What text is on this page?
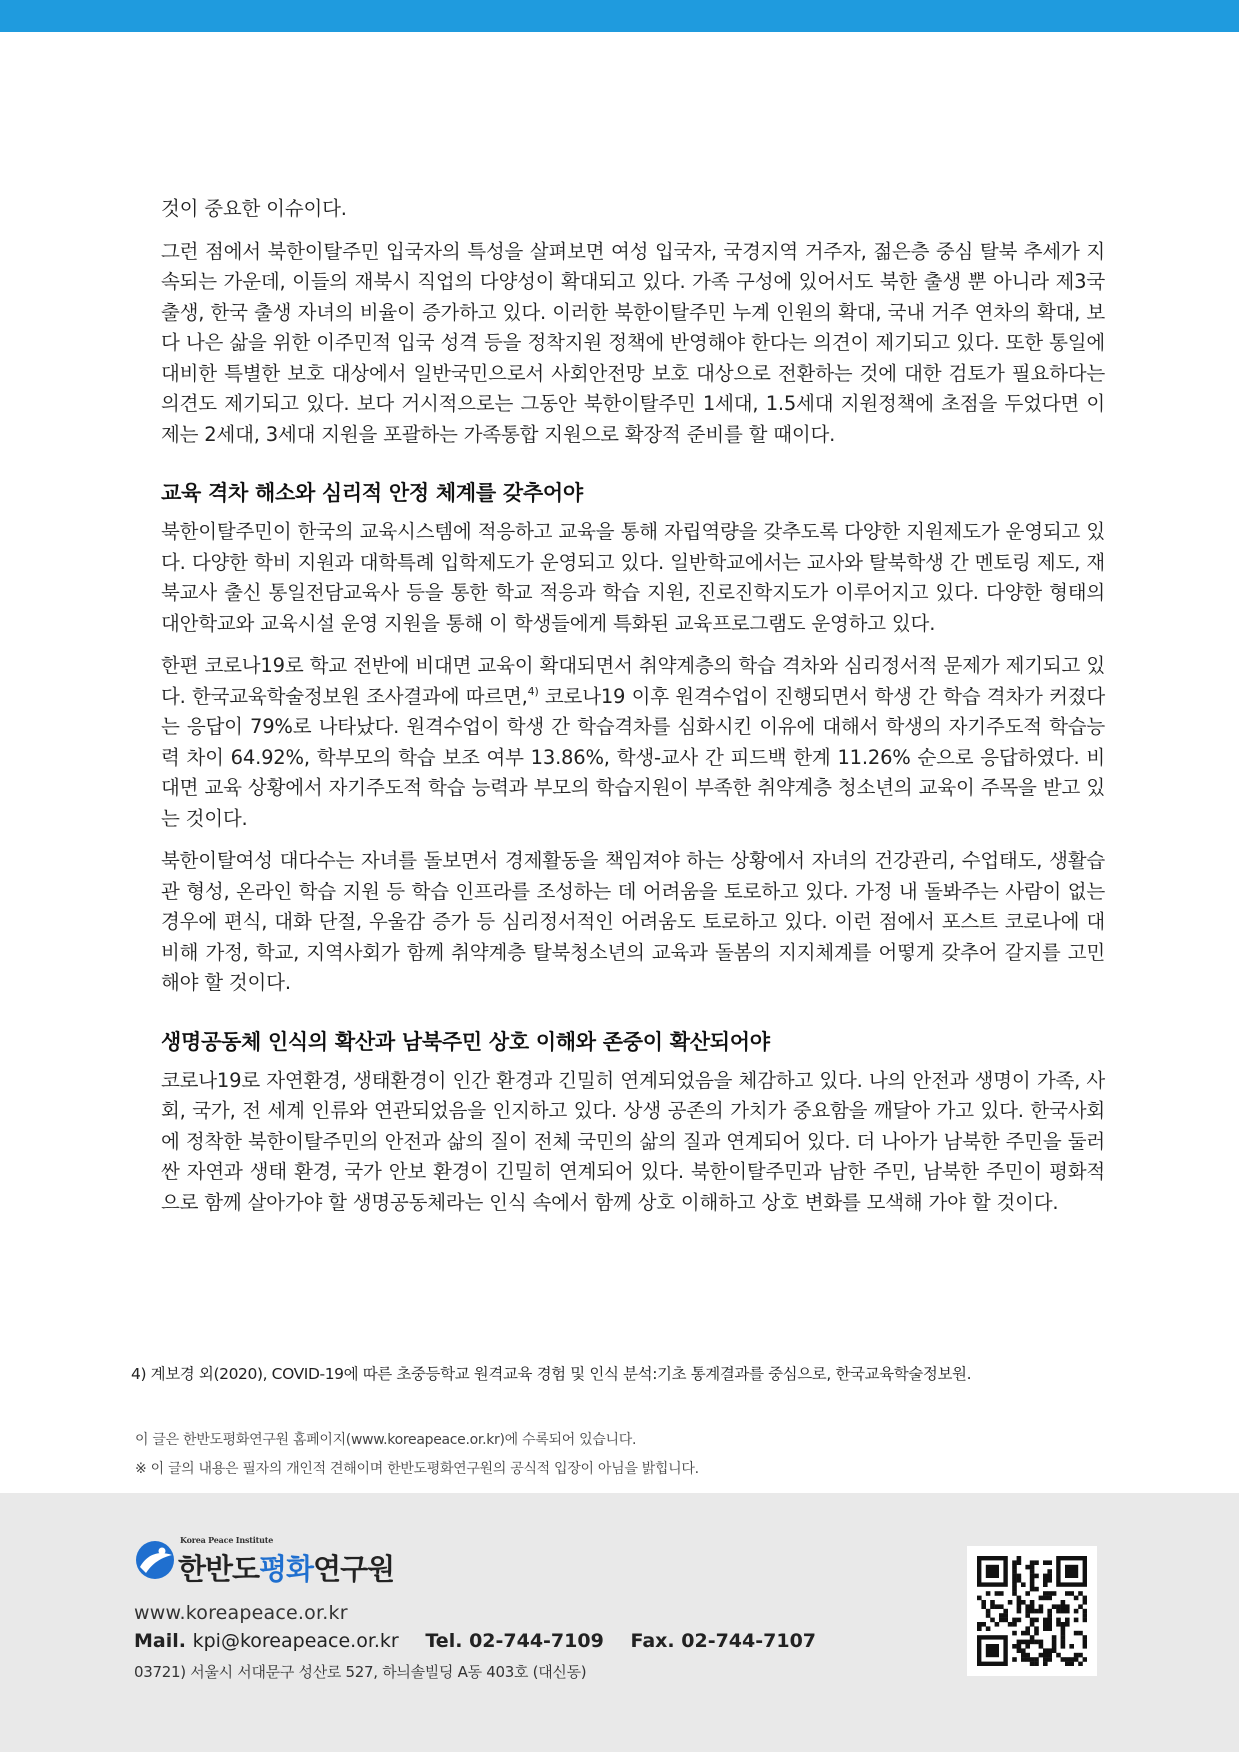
것이 중요한 이슈이다.

그런 점에서 북한이탈주민 입국자의 특성을 살펴보면 여성 입국자, 국경지역 거주자, 젊은층 중심 탈북 추세가 지속되는 가운데, 이들의 재북시 직업의 다양성이 확대되고 있다. 가족 구성에 있어서도 북한 출생 뿐 아니라 제3국 출생, 한국 출생 자녀의 비율이 증가하고 있다. 이러한 북한이탈주민 누계 인원의 확대, 국내 거주 연차의 확대, 보다 나은 삶을 위한 이주민적 입국 성격 등을 정착지원 정책에 반영해야 한다는 의견이 제기되고 있다. 또한 통일에 대비한 특별한 보호 대상에서 일반국민으로서 사회안전망 보호 대상으로 전환하는 것에 대한 검토가 필요하다는 의견도 제기되고 있다. 보다 거시적으로는 그동안 북한이탈주민 1세대, 1.5세대 지원정책에 초점을 두었다면 이제는 2세대, 3세대 지원을 포괄하는 가족통합 지원으로 확장적 준비를 할 때이다.

교육 격차 해소와 심리적 안정 체계를 갖추어야

북한이탈주민이 한국의 교육시스템에 적응하고 교육을 통해 자립역량을 갖추도록 다양한 지원제도가 운영되고 있다. 다양한 학비 지원과 대학특례 입학제도가 운영되고 있다. 일반학교에서는 교사와 탈북학생 간 멘토링 제도, 재북교사 출신 통일전담교육사 등을 통한 학교 적응과 학습 지원, 진로진학지도가 이루어지고 있다. 다양한 형태의 대안학교와 교육시설 운영 지원을 통해 이 학생들에게 특화된 교육프로그램도 운영하고 있다.

한편 코로나19로 학교 전반에 비대면 교육이 확대되면서 취약계층의 학습 격차와 심리정서적 문제가 제기되고 있다. 한국교육학술정보원 조사결과에 따르면,$^{4)}$ 코로나19 이후 원격수업이 진행되면서 학생 간 학습 격차가 커졌다는 응답이 79%로 나타났다. 원격수업이 학생 간 학습격차를 심화시킨 이유에 대해서 학생의 자기주도적 학습능력 차이 64.92%, 학부모의 학습 보조 여부 13.86%, 학생-교사 간 피드백 한계 11.26% 순으로 응답하였다. 비대면 교육 상황에서 자기주도적 학습 능력과 부모의 학습지원이 부족한 취약계층 청소년의 교육이 주목을 받고 있는 것이다.

북한이탈여성 대다수는 자녀를 돌보면서 경제활동을 책임져야 하는 상황에서 자녀의 건강관리, 수업태도, 생활습관 형성, 온라인 학습 지원 등 학습 인프라를 조성하는 데 어려움을 토로하고 있다. 가정 내 돌봐주는 사람이 없는 경우에 편식, 대화 단절, 우울감 증가 등 심리정서적인 어려움도 토로하고 있다. 이런 점에서 포스트 코로나에 대비해 가정, 학교, 지역사회가 함께 취약계층 탈북청소년의 교육과 돌봄의 지지체계를 어떻게 갖추어 갈지를 고민해야 할 것이다.

생명공동체 인식의 확산과 남북주민 상호 이해와 존중이 확산되어야

코로나19로 자연환경, 생태환경이 인간 환경과 긴밀히 연계되었음을 체감하고 있다. 나의 안전과 생명이 가족, 사회, 국가, 전 세계 인류와 연관되었음을 인지하고 있다. 상생 공존의 가치가 중요함을 깨달아 가고 있다. 한국사회에 정착한 북한이탈주민의 안전과 삶의 질이 전체 국민의 삶의 질과 연계되어 있다. 더 나아가 남북한 주민을 둘러싼 자연과 생태 환경, 국가 안보 환경이 긴밀히 연계되어 있다. 북한이탈주민과 남한 주민, 남북한 주민이 평화적으로 함께 살아가야 할 생명공동체라는 인식 속에서 함께 상호 이해하고 상호 변화를 모색해 가야 할 것이다.

4) 계보경 외(2020), COVID-19에 따른 초중등학교 원격교육 경험 및 인식 분석:기초 통계결과를 중심으로, 한국교육학술정보원.
이 글은 한반도평화연구원 홈페이지(www.koreapeace.or.kr)에 수록되어 있습니다.
※ 이 글의 내용은 필자의 개인적 견해이며 한반도평화연구원의 공식적 입장이 아님을 밝힙니다.
Korea Peace Institute
한반도평화연구원
www.koreapeace.or.kr
Mail. kpi@koreapeace.or.kr Tel. 02-744-7109 Fax. 02-744-7107
03721) 서울시 서대문구 성산로 527, 하늬솔빌딩 A동 403호 (대신동)
